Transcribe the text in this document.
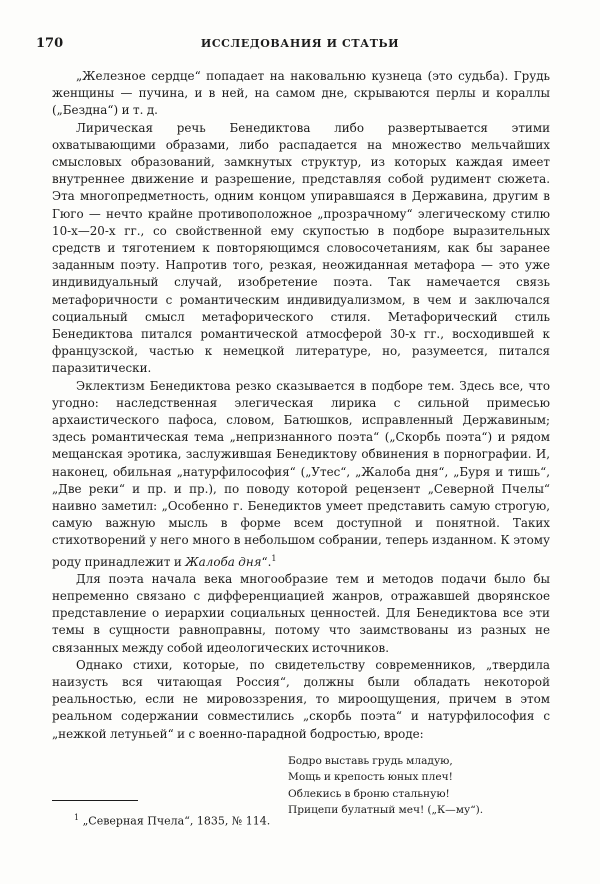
170	ИССЛЕДОВАНИЯ И СТАТЬИ

„Железное сердце“ попадает на наковальню кузнеца (это судьба). Грудь женщины — пучина, и в ней, на самом дне, скрываются перлы и кораллы („Бездна“) и т. д.

Лирическая речь Бенедиктова либо развертывается этими охватывающими образами, либо распадается на множество мельчайших смысловых образований, замкнутых структур, из которых каждая имеет внутреннее движение и разрешение, представляя собой рудимент сюжета. Эта многопредметность, одним концом упиравшаяся в Державина, другим в Гюго — нечто крайне противоположное „прозрачному“ элегическому стилю 10-х—20-х гг., со свойственной ему скупостью в подборе выразительных средств и тяготением к повторяющимся словосочетаниям, как бы заранее заданным поэту. Напротив того, резкая, неожиданная метафора — это уже индивидуальный случай, изобретение поэта. Так намечается связь метафоричности с романтическим индивидуализмом, в чем и заключался социальный смысл метафорического стиля. Метафорический стиль Бенедиктова питался романтической атмосферой 30-х гг., восходившей к французской, частью к немецкой литературе, но, разумеется, питался паразитически.

Эклектизм Бенедиктова резко сказывается в подборе тем. Здесь все, что угодно: наследственная элегическая лирика с сильной примесью архаистического пафоса, словом, Батюшков, исправленный Державиным; здесь романтическая тема „непризнанного поэта“ („Скорбь поэта“) и рядом мещанская эротика, заслужившая Бенедиктову обвинения в порнографии. И, наконец, обильная „натурфилософия“ („Утес“, „Жалоба дня“, „Буря и тишь“, „Две реки“ и пр. и пр.), по поводу которой рецензент „Северной Пчелы“ наивно заметил: „Особенно г. Бенедиктов умеет представить самую строгую, самую важную мысль в форме всем доступной и понятной. Таких стихотворений у него много в небольшом собрании, теперь изданном. К этому роду принадлежит и Жалоба дня“.$^1$

Для поэта начала века многообразие тем и методов подачи было бы непременно связано с дифференциацией жанров, отражавшей дворянское представление о иерархии социальных ценностей. Для Бенедиктова все эти темы в сущности равноправны, потому что заимствованы из разных не связанных между собой идеологических источников.

Однако стихи, которые, по свидетельству современников, „твердила наизусть вся читающая Россия“, должны были обладать некоторой реальностью, если не мировоззрения, то мироощущения, причем в этом реальном содержании совместились „скорбь поэта“ и натурфилософия с „нежкой летуньей“ и с военно-парадной бодростью, вроде:

Бодро выставь грудь младую,
Мощь и крепость юных плеч!
Облекись в броню стальную!
Прицепи булатный меч! („К—му“).
$^1$ „Северная Пчела“, 1835, № 114.
